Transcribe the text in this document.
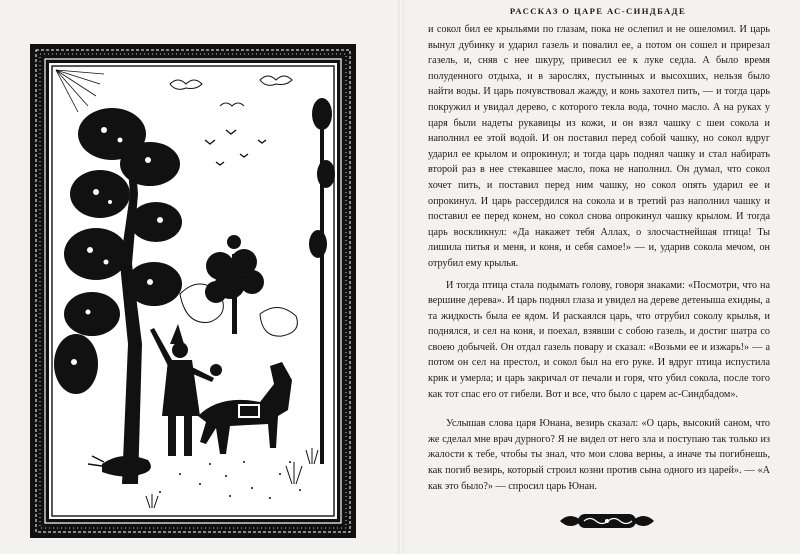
РАССКАЗ О ЦАРЕ АС-СИНДБАДЕ

и сокол бил ее крыльями по глазам, пока не ослепил и не ошеломил. И царь вынул дубинку и ударил газель и повалил ее, а потом он сошел и прирезал газель, и, сняв с нее шкуру, привесил ее к луке седла. А было время полуденного отдыха, и в зарослях, пустынных и высохших, нельзя было найти воды. И царь почувствовал жажду, и конь захотел пить, — и тогда царь покружил и увидал дерево, с которого текла вода, точно масло. А на руках у царя были надеты рукавицы из кожи, и он взял чашку с шеи сокола и наполнил ее этой водой. И он поставил перед собой чашку, но сокол вдруг ударил ее крылом и опрокинул; и тогда царь поднял чашку и стал набирать второй раз в нее стекавшее масло, пока не наполнил. Он думал, что сокол хочет пить, и поставил перед ним чашку, но сокол опять ударил ее и опрокинул. И царь рассердился на сокола и в третий раз наполнил чашку и поставил ее перед конем, но сокол снова опрокинул чашку крылом. И тогда царь воскликнул: «Да накажет тебя Аллах, о злосчастнейшая птица! Ты лишила питья и меня, и коня, и себя самое!» — и, ударив сокола мечом, он отрубил ему крылья.

И тогда птица стала подымать голову, говоря знаками: «Посмотри, что на вершине дерева». И царь поднял глаза и увидел на дереве детеныша ехидны, а та жидкость была ее ядом. И раскаялся царь, что отрубил соколу крылья, и поднялся, и сел на коня, и поехал, взявши с собою газель, и достиг шатра со своею добычей. Он отдал газель повару и сказал: «Возьми ее и изжарь!» — а потом он сел на престол, и сокол был на его руке. И вдруг птица испустила крик и умерла; и царь закричал от печали и горя, что убил сокола, после того как тот спас его от гибели. Вот и все, что было с царем ас-Синдбадом».

Услышав слова царя Юнана, везирь сказал: «О царь, высокий саном, что же сделал мне врач дурного? Я не видел от него зла и поступаю так только из жалости к тебе, чтобы ты знал, что мои слова верны, а иначе ты погибнешь, как погиб везирь, который строил козни против сына одного из царей». — «А как это было?» — спросил царь Юнан.
